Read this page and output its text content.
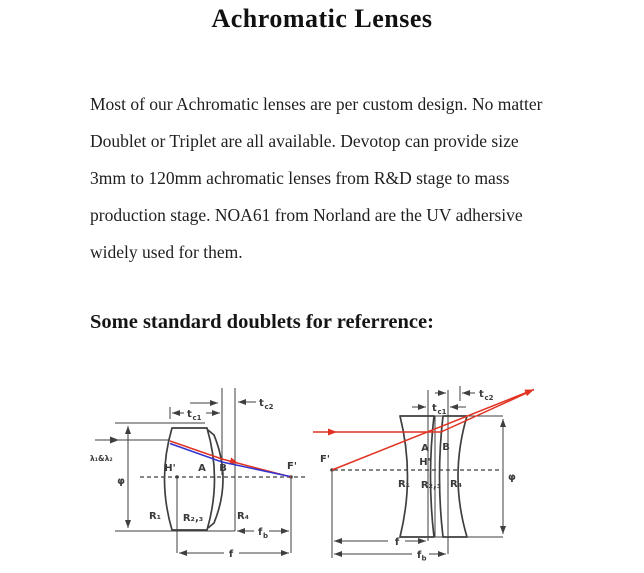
Achromatic Lenses
Most of our Achromatic lenses are per custom design. No matter
Doublet or Triplet are all available. Devotop can provide size
3mm to 120mm achromatic lenses from R&D stage to mass
production stage. NOA61 from Norland are the UV adhersive
widely used for them.
Some standard doublets for referrence:
φ
λ₁&λ₂
t c1
t c2
H' A B	F'
R₁ R₂,₃	R₄
f b
f
t c1
t c2
φ
F'
A B
H'
R₁ R₂,₃ R₄
f
f b
